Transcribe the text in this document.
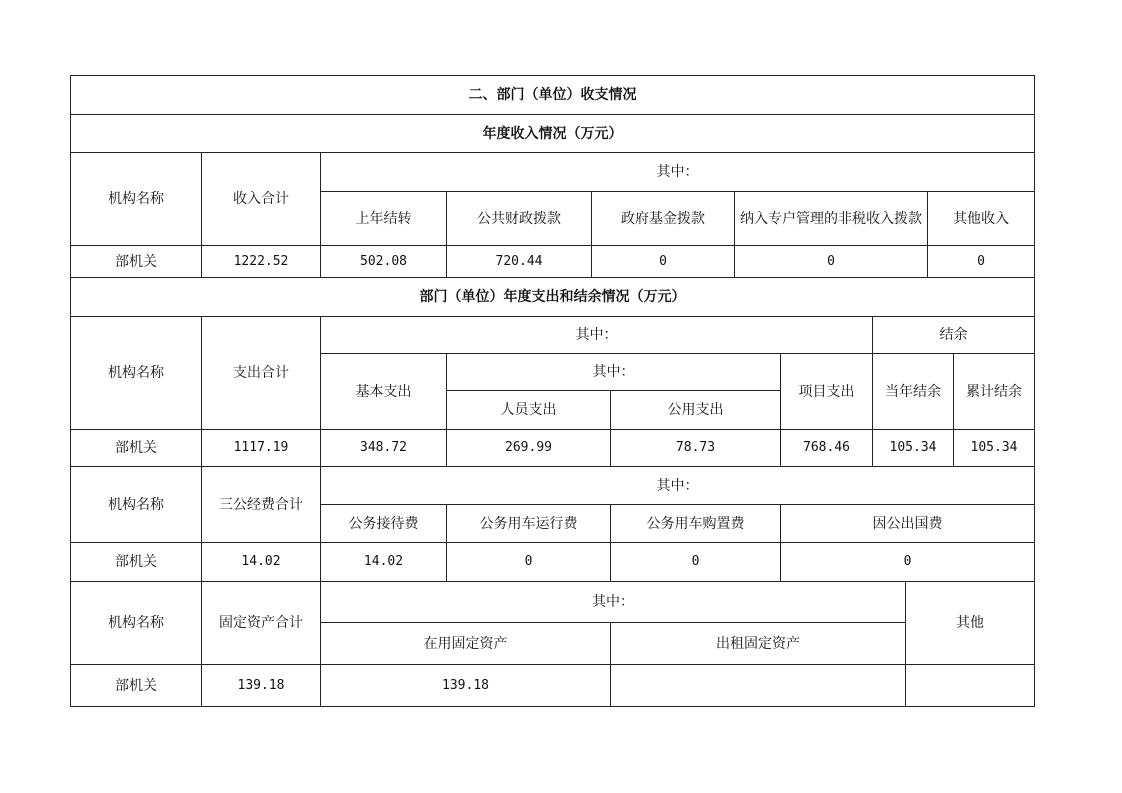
二、部门（单位）收支情况
年度收入情况（万元）
机构名称	收入合计
其中：
上年结转	公共财政拨款	政府基金拨款	纳入专户管理的非税收入拨款	其他收入
部机关	1222.52	502.08	720.44	0	0	0
部门（单位）年度支出和结余情况（万元）
机构名称	支出合计
其中：	结余
基本支出
其中：
人员支出	公用支出
项目支出	当年结余	累计结余
部机关	1117.19	348.72	269.99	78.73	768.46	105.34	105.34
机构名称	三公经费合计
其中：
公务接待费	公务用车运行费	公务用车购置费	因公出国费
部机关	14.02	14.02	0	0	0
机构名称	固定资产合计
其中：
其他
在用固定资产	出租固定资产
部机关	139.18	139.18
